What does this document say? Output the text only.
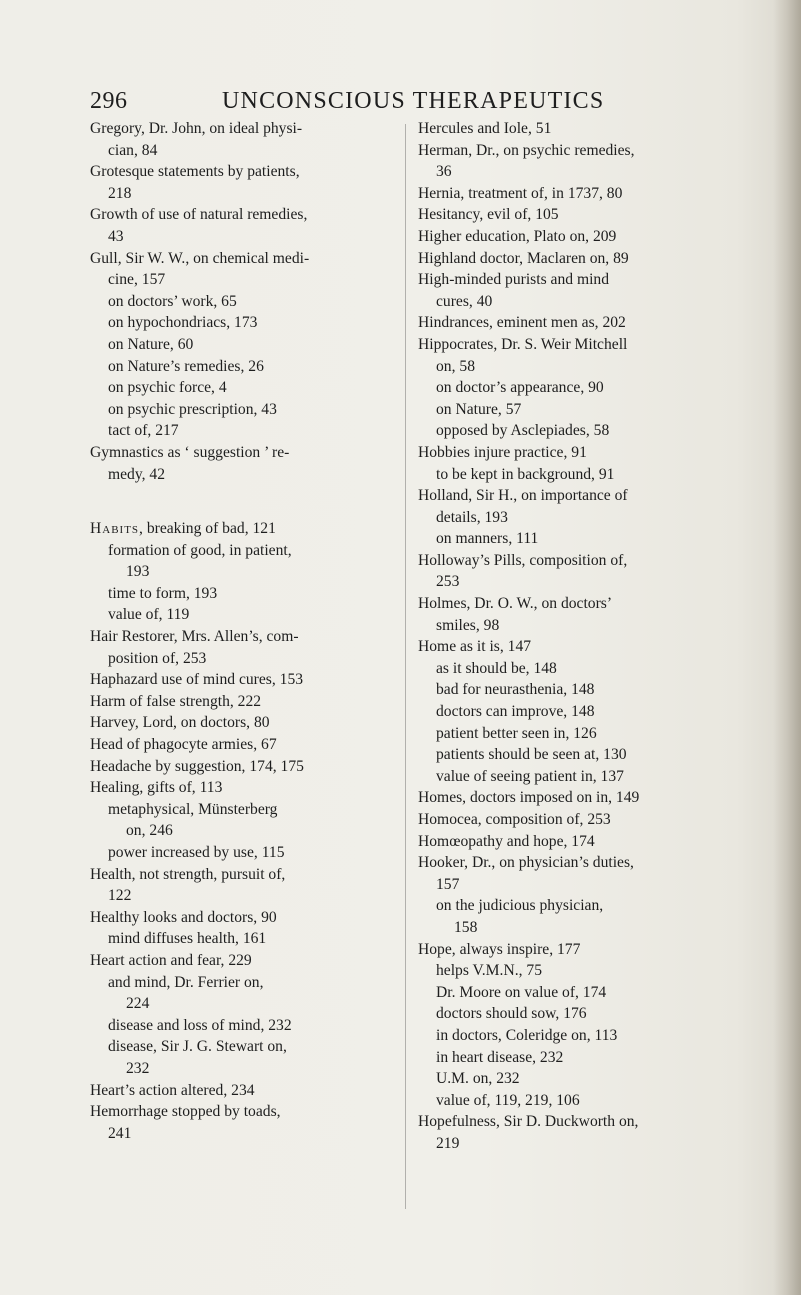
296	UNCONSCIOUS THERAPEUTICS
Gregory, Dr. John, on ideal physi-
cian, 84
Grotesque statements by patients,
218
Growth of use of natural remedies,
43
Gull, Sir W. W., on chemical medi-
cine, 157
on doctors’ work, 65
on hypochondriacs, 173
on Nature, 60
on Nature’s remedies, 26
on psychic force, 4
on psychic prescription, 43
tact of, 217
Gymnastics as ‘ suggestion ’ re-
medy, 42
Habits, breaking of bad, 121
formation of good, in patient,
193
time to form, 193
value of, 119
Hair Restorer, Mrs. Allen’s, com-
position of, 253
Haphazard use of mind cures, 153
Harm of false strength, 222
Harvey, Lord, on doctors, 80
Head of phagocyte armies, 67
Headache by suggestion, 174, 175
Healing, gifts of, 113
metaphysical, Münsterberg
on, 246
power increased by use, 115
Health, not strength, pursuit of,
122
Healthy looks and doctors, 90
mind diffuses health, 161
Heart action and fear, 229
and mind, Dr. Ferrier on,
224
disease and loss of mind, 232
disease, Sir J. G. Stewart on,
232
Heart’s action altered, 234
Hemorrhage stopped by toads,
241
Hercules and Iole, 51
Herman, Dr., on psychic remedies,
36
Hernia, treatment of, in 1737, 80
Hesitancy, evil of, 105
Higher education, Plato on, 209
Highland doctor, Maclaren on, 89
High-minded purists and mind
cures, 40
Hindrances, eminent men as, 202
Hippocrates, Dr. S. Weir Mitchell
on, 58
on doctor’s appearance, 90
on Nature, 57
opposed by Asclepiades, 58
Hobbies injure practice, 91
to be kept in background, 91
Holland, Sir H., on importance of
details, 193
on manners, 111
Holloway’s Pills, composition of,
253
Holmes, Dr. O. W., on doctors’
smiles, 98
Home as it is, 147
as it should be, 148
bad for neurasthenia, 148
doctors can improve, 148
patient better seen in, 126
patients should be seen at, 130
value of seeing patient in, 137
Homes, doctors imposed on in, 149
Homocea, composition of, 253
Homœopathy and hope, 174
Hooker, Dr., on physician’s duties,
157
on the judicious physician,
158
Hope, always inspire, 177
helps V.M.N., 75
Dr. Moore on value of, 174
doctors should sow, 176
in doctors, Coleridge on, 113
in heart disease, 232
U.M. on, 232
value of, 119, 219, 106
Hopefulness, Sir D. Duckworth on,
219
